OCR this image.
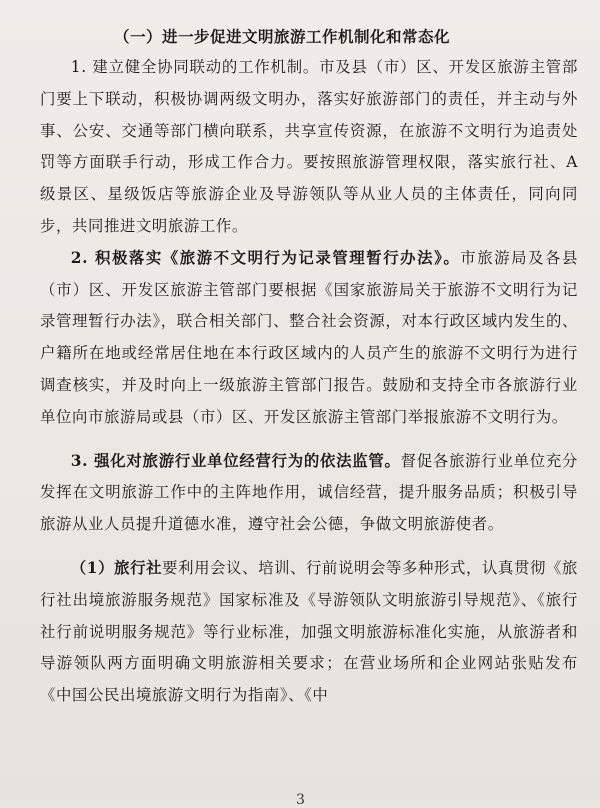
（一）进一步促进文明旅游工作机制化和常态化

1. 建立健全协同联动的工作机制。市及县（市）区、开发区旅游主管部门要上下联动，积极协调两级文明办，落实好旅游部门的责任，并主动与外事、公安、交通等部门横向联系，共享宣传资源，在旅游不文明行为追责处罚等方面联手行动，形成工作合力。要按照旅游管理权限，落实旅行社、A 级景区、星级饭店等旅游企业及导游领队等从业人员的主体责任，同向同步，共同推进文明旅游工作。

2. 积极落实《旅游不文明行为记录管理暂行办法》。市旅游局及各县（市）区、开发区旅游主管部门要根据《国家旅游局关于旅游不文明行为记录管理暂行办法》，联合相关部门、整合社会资源，对本行政区域内发生的、户籍所在地或经常居住地在本行政区域内的人员产生的旅游不文明行为进行调查核实，并及时向上一级旅游主管部门报告。鼓励和支持全市各旅游行业单位向市旅游局或县（市）区、开发区旅游主管部门举报旅游不文明行为。

3. 强化对旅游行业单位经营行为的依法监管。督促各旅游行业单位充分发挥在文明旅游工作中的主阵地作用，诚信经营，提升服务品质；积极引导旅游从业人员提升道德水准，遵守社会公德，争做文明旅游使者。

（1）旅行社要利用会议、培训、行前说明会等多种形式，认真贯彻《旅行社出境旅游服务规范》国家标准及《导游领队文明旅游引导规范》、《旅行社行前说明服务规范》等行业标准，加强文明旅游标准化实施，从旅游者和导游领队两方面明确文明旅游相关要求；在营业场所和企业网站张贴发布《中国公民出境旅游文明行为指南》、《中

3
